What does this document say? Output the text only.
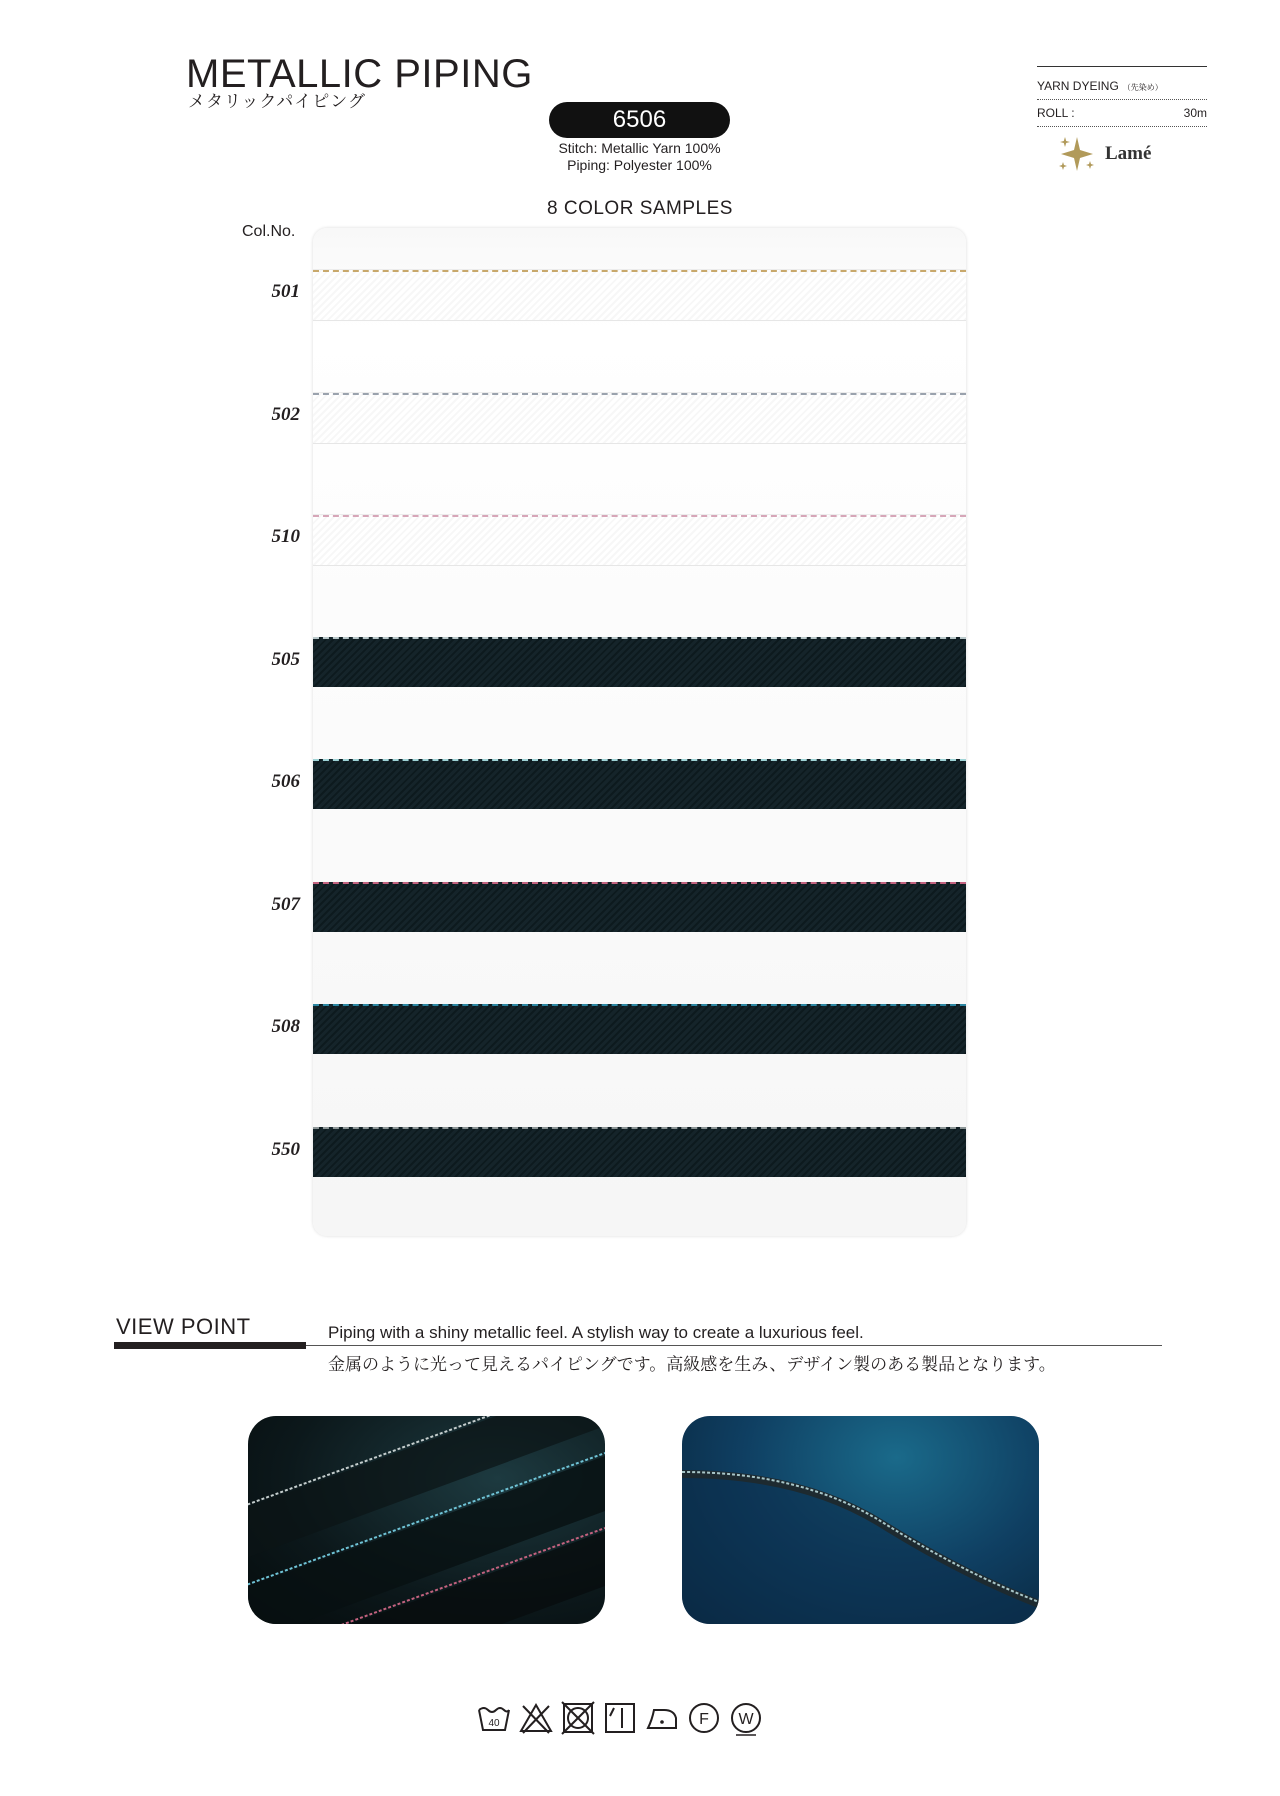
METALLIC PIPING
メタリックパイピング
6506
Stitch: Metallic Yarn 100%
Piping: Polyester 100%
YARN DYEING （先染め）
ROLL :	30m
Lamé
8 COLOR SAMPLES
Col.No.
501
502
510
505
506
507
508
550
VIEW POINT	Piping with a shiny metallic feel. A stylish way to create a luxurious feel.
金属のように光って見えるパイピングです。高級感を生み、デザイン製のある製品となります。
40	F W
